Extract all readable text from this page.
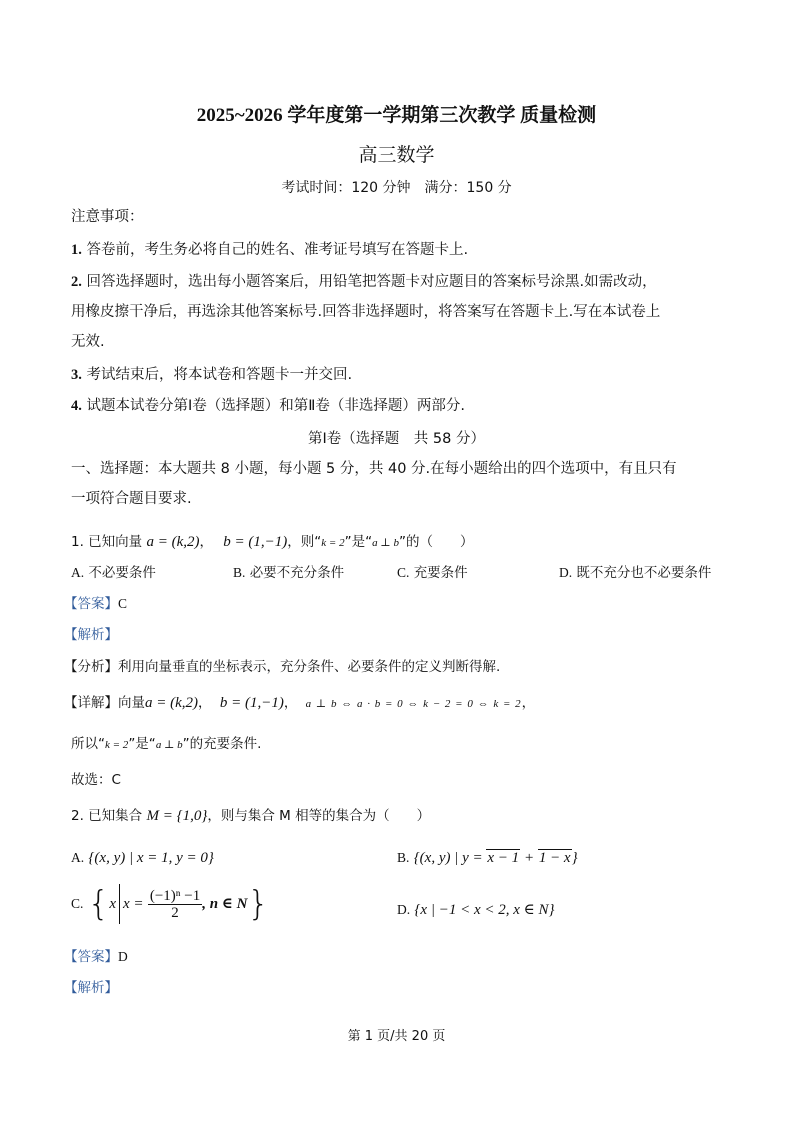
2025~2026 学年度第一学期第三次教学 质量检测
高三数学
考试时间：120 分钟　满分：150 分
注意事项：
1. 答卷前，考生务必将自己的姓名、准考证号填写在答题卡上.
2. 回答选择题时，选出每小题答案后，用铅笔把答题卡对应题目的答案标号涂黑.如需改动，
用橡皮擦干净后，再选涂其他答案标号.回答非选择题时，将答案写在答题卡上.写在本试卷上
无效.
3. 考试结束后，将本试卷和答题卡一并交回.
4. 试题本试卷分第Ⅰ卷（选择题）和第Ⅱ卷（非选择题）两部分.
第Ⅰ卷（选择题　共 58 分）
一、选择题：本大题共 8 小题，每小题 5 分，共 40 分.在每小题给出的四个选项中，有且只有
一项符合题目要求.
1. 已知向量 a = (k,2)， b = (1,−1)，则“k = 2”是“a ⊥ b”的（　　）
A. 不必要条件	B. 必要不充分条件	C. 充要条件	D. 既不充分也不必要条件
【答案】C
【解析】
【分析】利用向量垂直的坐标表示，充分条件、必要条件的定义判断得解.
【详解】向量a = (k,2)， b = (1,−1)， a ⊥ b ⇔ a · b = 0 ⇔ k − 2 = 0 ⇔ k = 2，
所以“k = 2”是“a ⊥ b”的充要条件.
故选：C
2. 已知集合 M = {1,0}，则与集合 M 相等的集合为（　　）
A. {(x, y) | x = 1, y = 0}	B. {(x, y) | y = x − 1 + 1 − x}
C. {x $x = \frac{\text{(−1)ⁿ −1}}{2}$ , n ∈ N}	D. {x | −1 < x < 2, x ∈ N}
【答案】D
【解析】
第 1 页/共 20 页
